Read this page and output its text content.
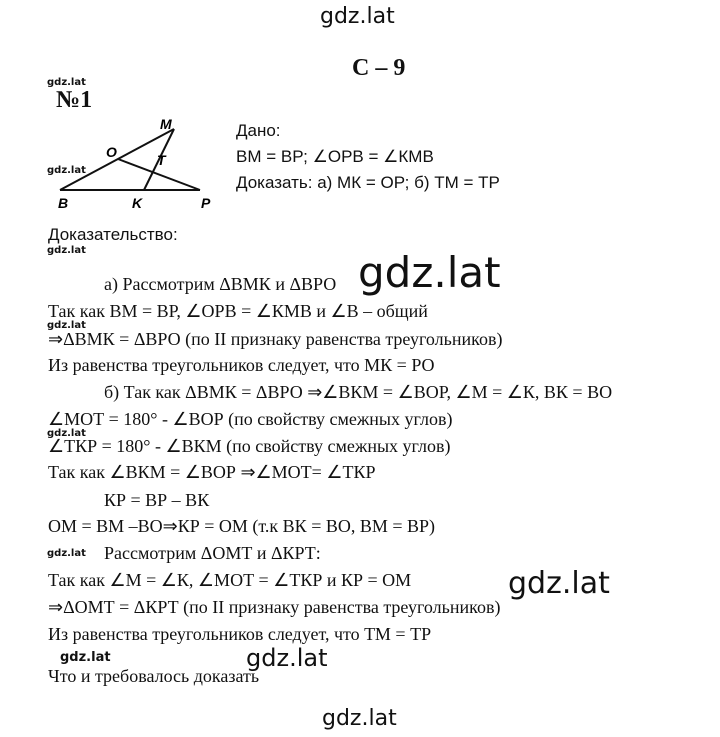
gdz.lat
gdz.lat
gdz.lat
gdz.lat
gdz.lat
gdz.lat
gdz.lat
gdz.lat
gdz.lat
gdz.lat
gdz.lat
gdz.lat
С – 9
№1
M
O	T
B	K	P
Дано:
ВМ = ВР; ∠ОРВ = ∠КМВ
Доказать: а) МК = ОР; б) ТМ = ТР
Доказательство:
а) Рассмотрим ΔВМК и ΔВРО
Так как ВМ = ВР, ∠ОРВ = ∠КМВ и ∠В – общий
⇒ΔВМК = ΔВРО (по II признаку равенства треугольников)
Из равенства треугольников следует, что МК = РО
б) Так как ΔВМК = ΔВРО ⇒∠ВКМ = ∠ВОР, ∠М = ∠К, ВК = ВО
∠МОТ = 180° - ∠ВОР (по свойству смежных углов)
∠ТКР = 180° - ∠ВКМ (по свойству смежных углов)
Так как ∠ВКМ = ∠ВОР ⇒∠МОТ= ∠ТКР
КР = ВР – ВК
ОМ = ВМ –ВО⇒КР = ОМ (т.к ВК = ВО, ВМ = ВР)
Рассмотрим ΔОМТ и ΔКРТ:
Так как ∠М = ∠К, ∠МОТ = ∠ТКР и КР = ОМ
⇒ΔОМТ = ΔКРТ (по II признаку равенства треугольников)
Из равенства треугольников следует, что ТМ = ТР
Что и требовалось доказать
